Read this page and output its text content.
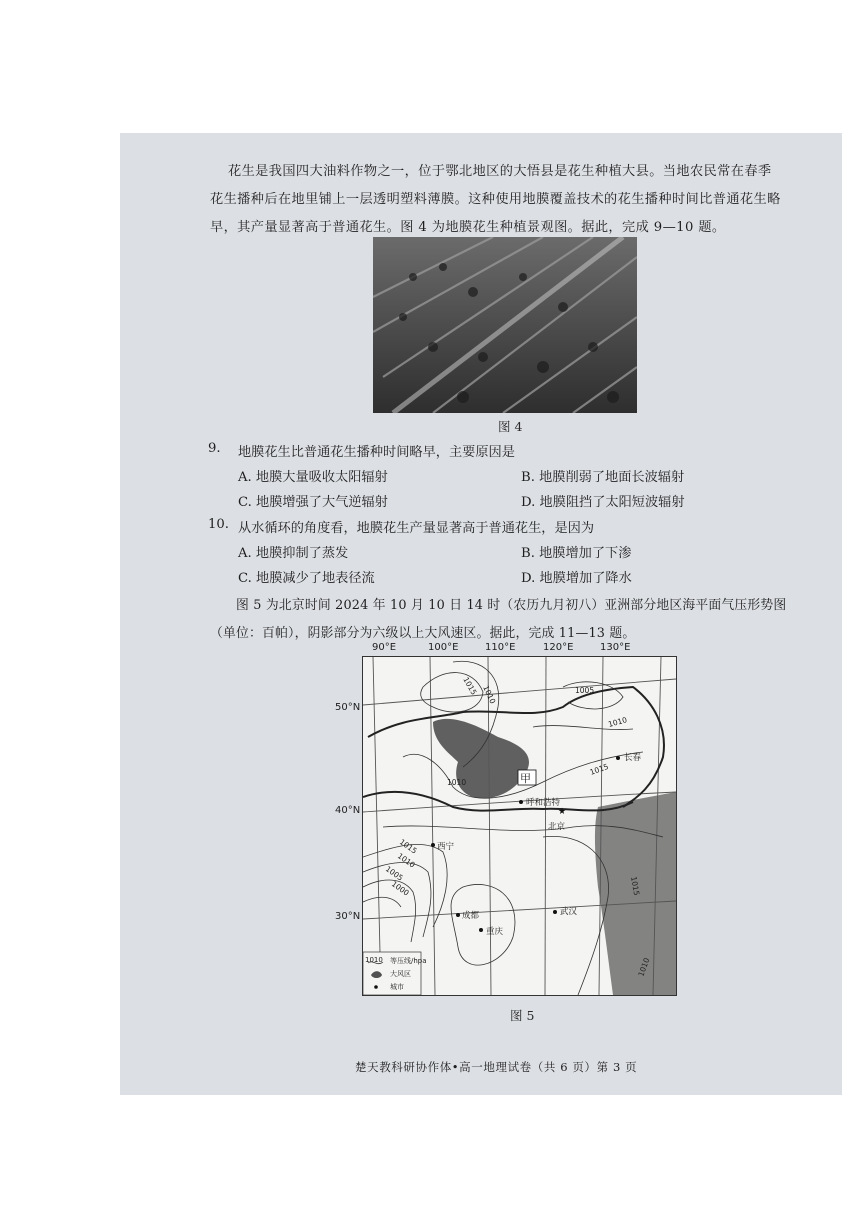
花生是我国四大油料作物之一，位于鄂北地区的大悟县是花生种植大县。当地农民常在春季
花生播种后在地里铺上一层透明塑料薄膜。这种使用地膜覆盖技术的花生播种时间比普通花生略
早，其产量显著高于普通花生。图 4 为地膜花生种植景观图。据此，完成 9—10 题。
图 4
9. 地膜花生比普通花生播种时间略早，主要原因是
A. 地膜大量吸收太阳辐射	B. 地膜削弱了地面长波辐射
C. 地膜增强了大气逆辐射	D. 地膜阻挡了太阳短波辐射
10. 从水循环的角度看，地膜花生产量显著高于普通花生，是因为
A. 地膜抑制了蒸发	B. 地膜增加了下渗
C. 地膜减少了地表径流	D. 地膜增加了降水
图 5 为北京时间 2024 年 10 月 10 日 14 时（农历九月初八）亚洲部分地区海平面气压形势图
（单位：百帕），阴影部分为六级以上大风速区。据此，完成 11—13 题。
90°E	100°E	110°E	120°E	130°E
50°N
40°N
30°N
1015 1010	1005
1010
1010
1015
1015
1010
1005
1000	1015
1010
★
长春
呼和浩特
北京
西宁
成都
重庆
武汉
甲
1010 等压线/hpa
大风区
城市
图 5
楚天教科研协作体•高一地理试卷（共 6 页）第 3 页
